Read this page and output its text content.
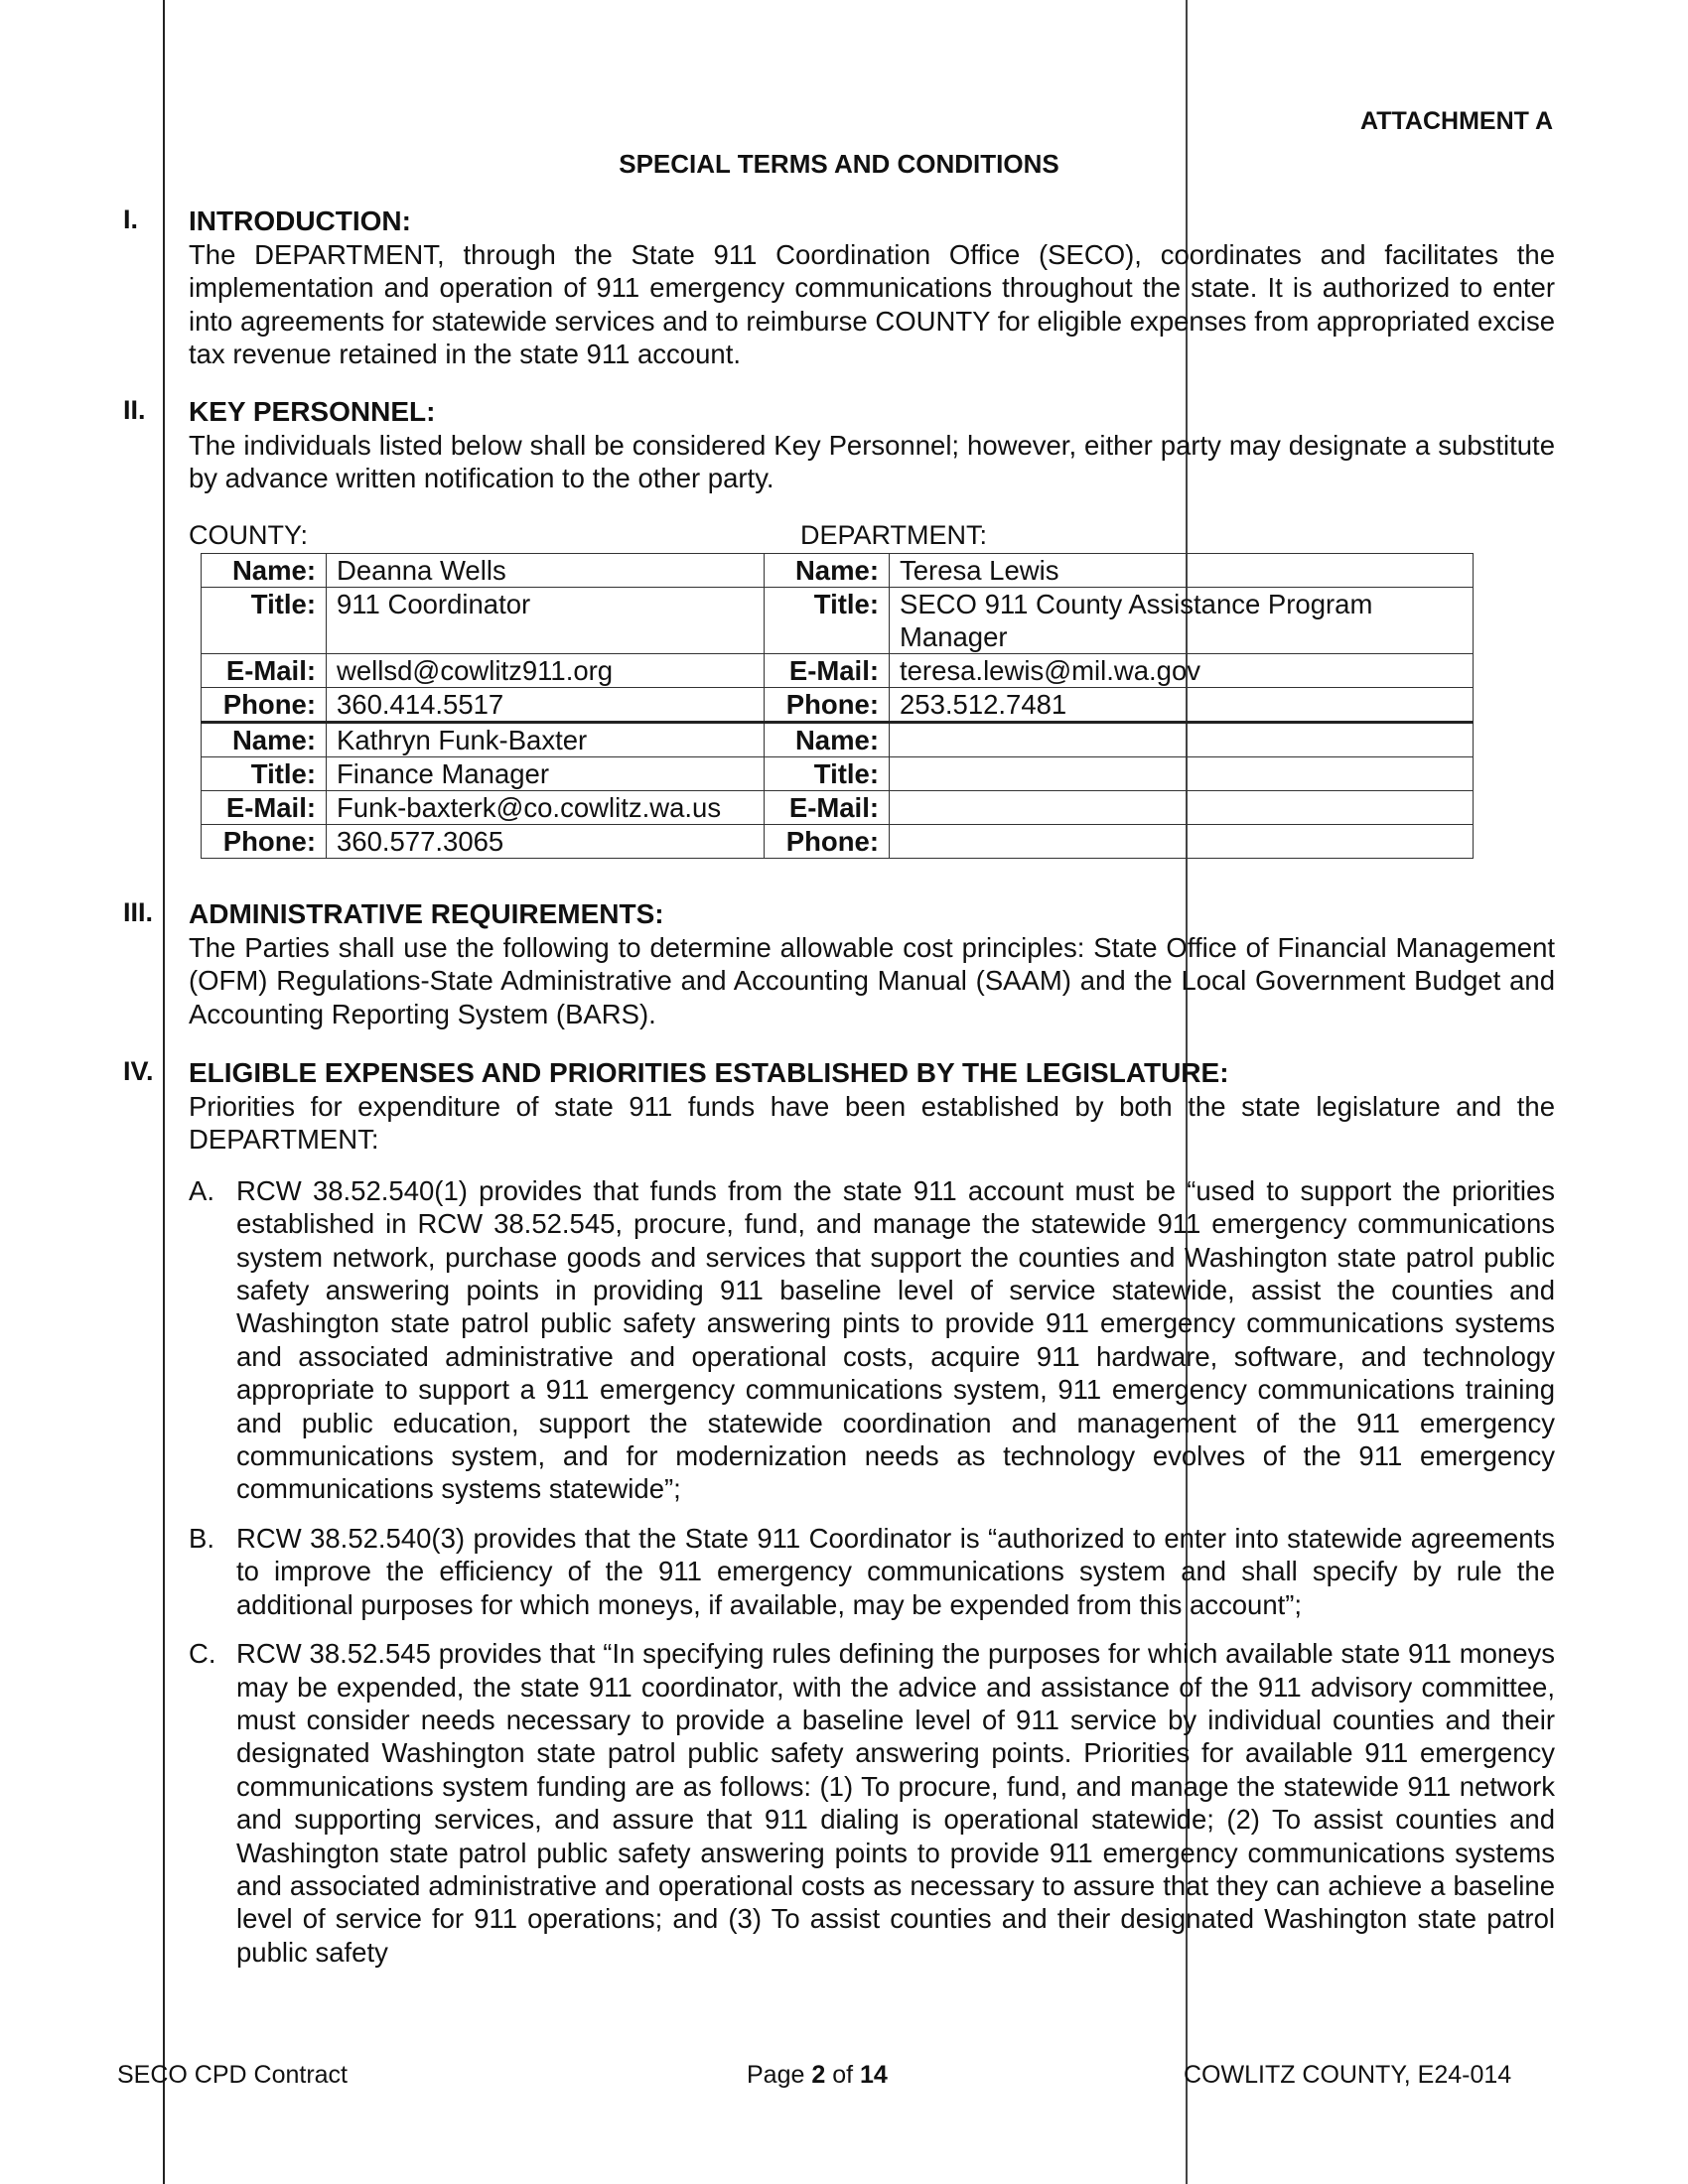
ATTACHMENT A
SPECIAL TERMS AND CONDITIONS
I. INTRODUCTION:
The DEPARTMENT, through the State 911 Coordination Office (SECO), coordinates and facilitates the implementation and operation of 911 emergency communications throughout the state. It is authorized to enter into agreements for statewide services and to reimburse COUNTY for eligible expenses from appropriated excise tax revenue retained in the state 911 account.
II. KEY PERSONNEL:
The individuals listed below shall be considered Key Personnel; however, either party may designate a substitute by advance written notification to the other party.
COUNTY:	DEPARTMENT:
Name:	Deanna Wells	Name:	Teresa Lewis
Title:	911 Coordinator	Title:	SECO 911 County Assistance Program Manager
E-Mail:	wellsd@cowlitz911.org	E-Mail:	teresa.lewis@mil.wa.gov
Phone:	360.414.5517	Phone:	253.512.7481
Name:	Kathryn Funk-Baxter	Name:	
Title:	Finance Manager	Title:	
E-Mail:	Funk-baxterk@co.cowlitz.wa.us	E-Mail:	
Phone:	360.577.3065	Phone:	
III. ADMINISTRATIVE REQUIREMENTS:
The Parties shall use the following to determine allowable cost principles: State Office of Financial Management (OFM) Regulations-State Administrative and Accounting Manual (SAAM) and the Local Government Budget and Accounting Reporting System (BARS).
IV. ELIGIBLE EXPENSES AND PRIORITIES ESTABLISHED BY THE LEGISLATURE:
Priorities for expenditure of state 911 funds have been established by both the state legislature and the DEPARTMENT:
A. RCW 38.52.540(1) provides that funds from the state 911 account must be “used to support the priorities established in RCW 38.52.545, procure, fund, and manage the statewide 911 emergency communications system network, purchase goods and services that support the counties and Washington state patrol public safety answering points in providing 911 baseline level of service statewide, assist the counties and Washington state patrol public safety answering pints to provide 911 emergency communications systems and associated administrative and operational costs, acquire 911 hardware, software, and technology appropriate to support a 911 emergency communications system, 911 emergency communications training and public education, support the statewide coordination and management of the 911 emergency communications system, and for modernization needs as technology evolves of the 911 emergency communications systems statewide”;
B. RCW 38.52.540(3) provides that the State 911 Coordinator is “authorized to enter into statewide agreements to improve the efficiency of the 911 emergency communications system and shall specify by rule the additional purposes for which moneys, if available, may be expended from this account”;
C. RCW 38.52.545 provides that “In specifying rules defining the purposes for which available state 911 moneys may be expended, the state 911 coordinator, with the advice and assistance of the 911 advisory committee, must consider needs necessary to provide a baseline level of 911 service by individual counties and their designated Washington state patrol public safety answering points. Priorities for available 911 emergency communications system funding are as follows: (1) To procure, fund, and manage the statewide 911 network and supporting services, and assure that 911 dialing is operational statewide; (2) To assist counties and Washington state patrol public safety answering points to provide 911 emergency communications systems and associated administrative and operational costs as necessary to assure that they can achieve a baseline level of service for 911 operations; and (3) To assist counties and their designated Washington state patrol public safety
SECO CPD Contract	Page 2 of 14	COWLITZ COUNTY, E24-014
